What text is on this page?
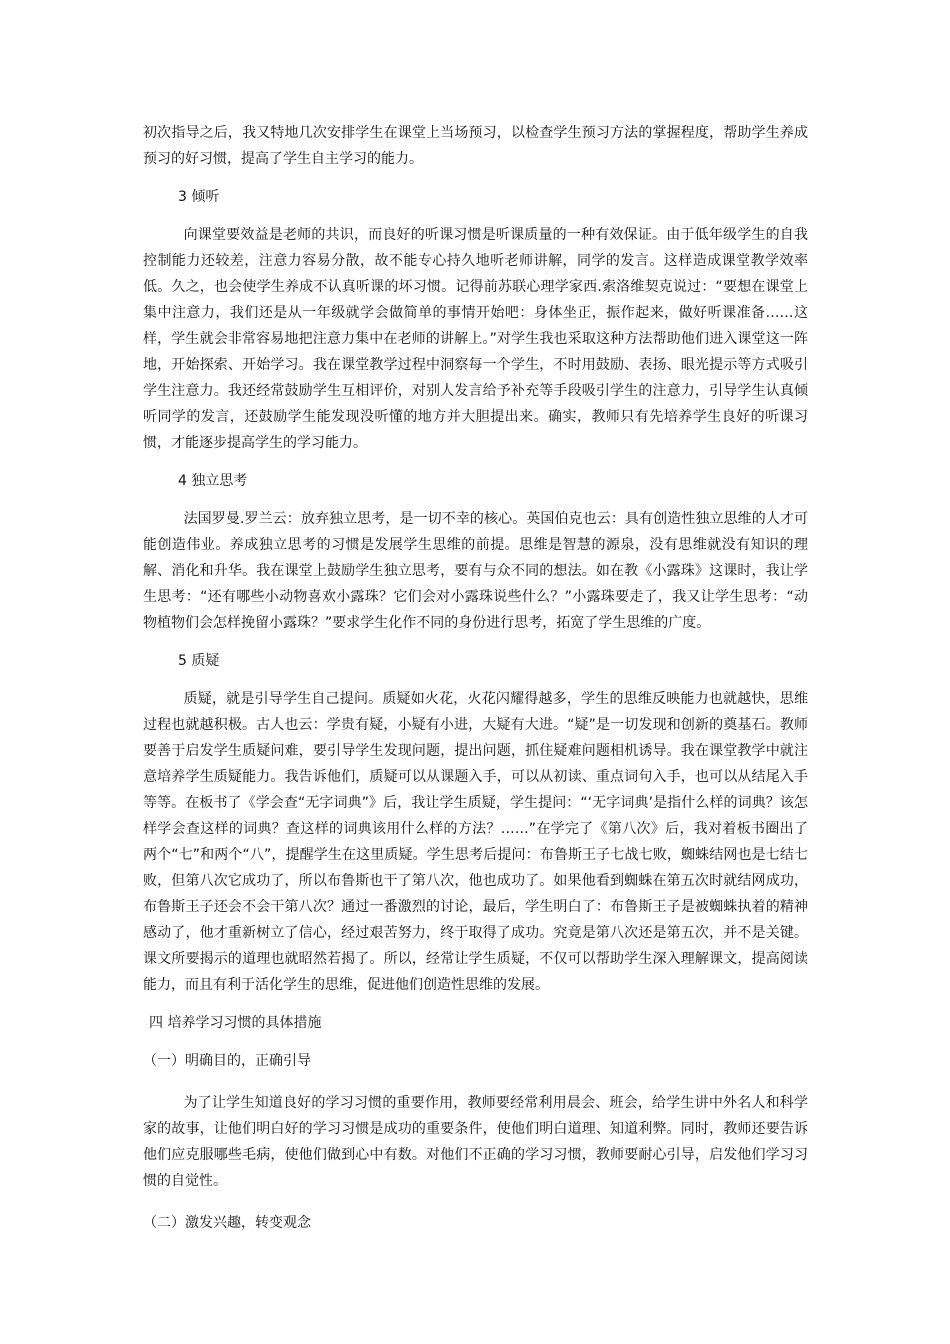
初次指导之后，我又特地几次安排学生在课堂上当场预习，以检查学生预习方法的掌握程度，帮助学生养成预习的好习惯，提高了学生自主学习的能力。

3 倾听

向课堂要效益是老师的共识，而良好的听课习惯是听课质量的一种有效保证。由于低年级学生的自我控制能力还较差，注意力容易分散，故不能专心持久地听老师讲解，同学的发言。这样造成课堂教学效率低。久之，也会使学生养成不认真听课的坏习惯。记得前苏联心理学家西.索洛维契克说过：“要想在课堂上集中注意力，我们还是从一年级就学会做简单的事情开始吧：身体坐正，振作起来，做好听课准备……这样，学生就会非常容易地把注意力集中在老师的讲解上。”对学生我也采取这种方法帮助他们进入课堂这一阵地，开始探索、开始学习。我在课堂教学过程中洞察每一个学生，不时用鼓励、表扬、眼光提示等方式吸引学生注意力。我还经常鼓励学生互相评价，对别人发言给予补充等手段吸引学生的注意力，引导学生认真倾听同学的发言，还鼓励学生能发现没听懂的地方并大胆提出来。确实，教师只有先培养学生良好的听课习惯，才能逐步提高学生的学习能力。

4 独立思考

法国罗曼.罗兰云：放弃独立思考，是一切不幸的核心。英国伯克也云：具有创造性独立思维的人才可能创造伟业。养成独立思考的习惯是发展学生思维的前提。思维是智慧的源泉，没有思维就没有知识的理解、消化和升华。我在课堂上鼓励学生独立思考，要有与众不同的想法。如在教《小露珠》这课时，我让学生思考：“还有哪些小动物喜欢小露珠？它们会对小露珠说些什么？”小露珠要走了，我又让学生思考：“动物植物们会怎样挽留小露珠？”要求学生化作不同的身份进行思考，拓宽了学生思维的广度。

5 质疑

质疑，就是引导学生自己提问。质疑如火花，火花闪耀得越多，学生的思维反映能力也就越快，思维过程也就越积极。古人也云：学贵有疑，小疑有小进，大疑有大进。“疑”是一切发现和创新的奠基石。教师要善于启发学生质疑问难，要引导学生发现问题，提出问题，抓住疑难问题相机诱导。我在课堂教学中就注意培养学生质疑能力。我告诉他们，质疑可以从课题入手，可以从初读、重点词句入手，也可以从结尾入手等等。在板书了《学会查“无字词典”》后，我让学生质疑，学生提问：“‘无字词典’是指什么样的词典？该怎样学会查这样的词典？查这样的词典该用什么样的方法？……”在学完了《第八次》后，我对着板书圈出了两个“七”和两个“八”，提醒学生在这里质疑。学生思考后提问：布鲁斯王子七战七败，蜘蛛结网也是七结七败，但第八次它成功了，所以布鲁斯也干了第八次，他也成功了。如果他看到蜘蛛在第五次时就结网成功，布鲁斯王子还会不会干第八次？通过一番激烈的讨论，最后，学生明白了：布鲁斯王子是被蜘蛛执着的精神感动了，他才重新树立了信心，经过艰苦努力，终于取得了成功。究竟是第八次还是第五次，并不是关键。课文所要揭示的道理也就昭然若揭了。所以，经常让学生质疑，不仅可以帮助学生深入理解课文，提高阅读能力，而且有利于活化学生的思维，促进他们创造性思维的发展。

四 培养学习习惯的具体措施

（一）明确目的，正确引导

为了让学生知道良好的学习习惯的重要作用，教师要经常利用晨会、班会，给学生讲中外名人和科学家的故事，让他们明白好的学习习惯是成功的重要条件，使他们明白道理、知道利弊。同时，教师还要告诉他们应克服哪些毛病，使他们做到心中有数。对他们不正确的学习习惯，教师要耐心引导，启发他们学习习惯的自觉性。

（二）激发兴趣，转变观念
